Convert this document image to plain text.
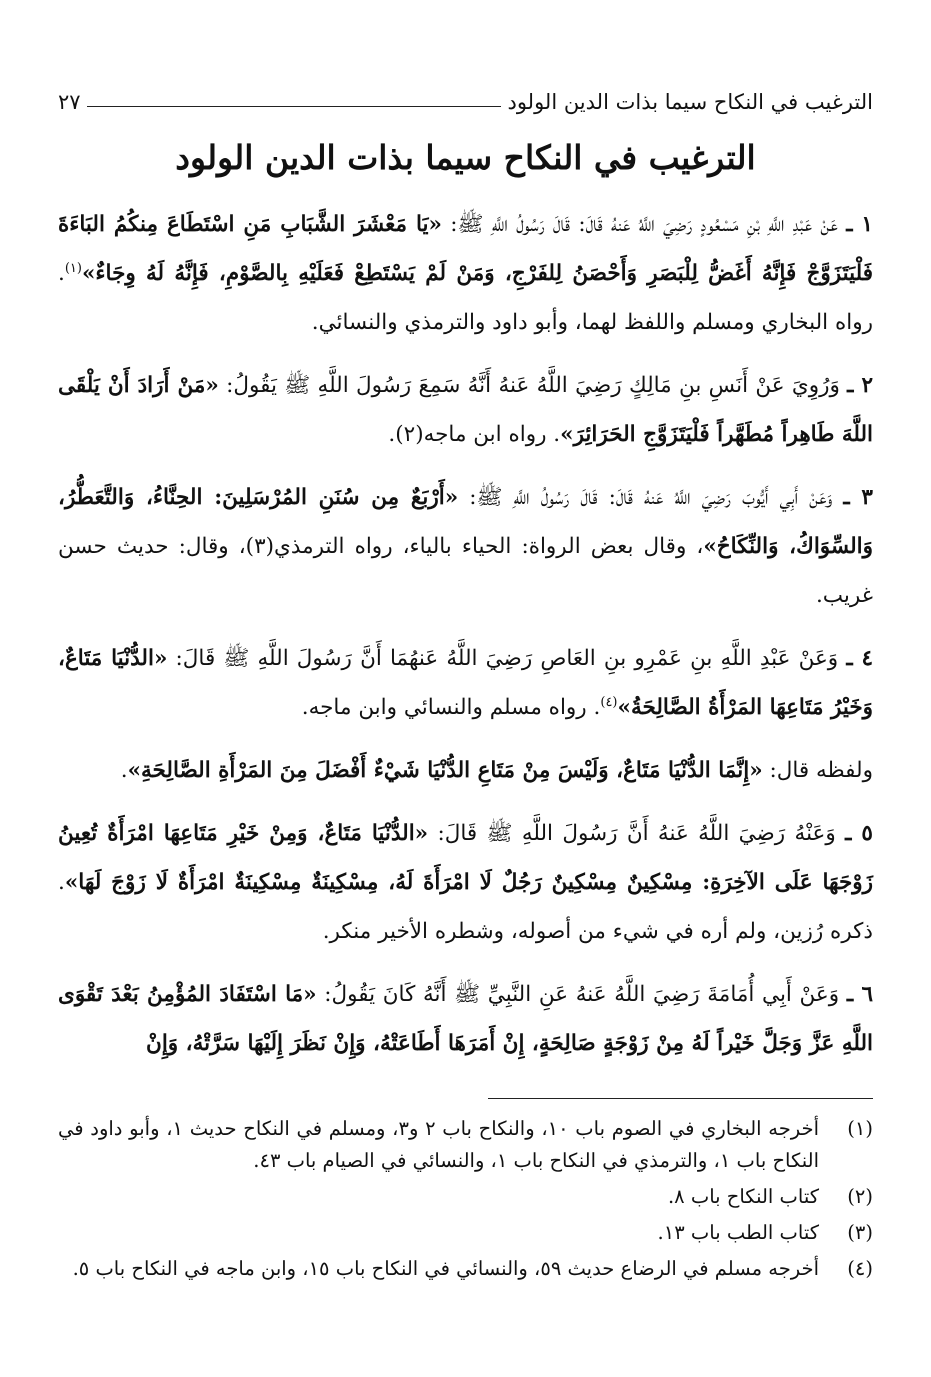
الترغيب في النكاح سيما بذات الدين الولود
٢٧
الترغيب في النكاح سيما بذات الدين الولود

١ ـ عَنْ عَبْدِ اللَّهِ بْنِ مَسْعُودٍ رَضِيَ اللَّهُ عَنهُ قَالَ: قَالَ رَسُولُ اللَّهِ ﷺ: «يَا مَعْشَرَ الشَّبَابِ مَنِ اسْتَطَاعَ مِنكُمُ البَاءَةَ فَلْيَتَزَوَّجْ فَإِنَّهُ أَغَضُّ لِلْبَصَرِ وَأَحْصَنُ لِلفَرْجِ، وَمَنْ لَمْ يَسْتَطِعْ فَعَلَيْهِ بِالصَّوْمِ، فَإِنَّهُ لَهُ وِجَاءٌ»$^{(١)}$. رواه البخاري ومسلم واللفظ لهما، وأبو داود والترمذي والنسائي.

٢ ـ وَرُوِيَ عَنْ أَنَسِ بنِ مَالِكٍ رَضِيَ اللَّهُ عَنهُ أَنَّهُ سَمِعَ رَسُولَ اللَّهِ ﷺ يَقُولُ: «مَنْ أَرَادَ أَنْ يَلْقَى اللَّهَ طَاهِراً مُطَهَّراً فَلْيَتَزَوَّجِ الحَرَائِرَ». رواه ابن ماجه(٢).

٣ ـ وَعَنْ أَبِي أَيُّوبَ رَضِيَ اللَّهُ عَنهُ قَالَ: قَالَ رَسُولُ اللَّهِ ﷺ: «أَرْبَعٌ مِن سُنَنِ المُرْسَلِينَ: الحِنَّاءُ، وَالتَّعَطُّرُ، وَالسِّوَاكُ، وَالنِّكَاحُ»، وقال بعض الرواة: الحياء بالياء، رواه الترمذي(٣)، وقال: حديث حسن غريب.

٤ ـ وَعَنْ عَبْدِ اللَّهِ بنِ عَمْرِو بنِ العَاصِ رَضِيَ اللَّهُ عَنهُمَا أَنَّ رَسُولَ اللَّهِ ﷺ قَالَ: «الدُّنْيَا مَتَاعٌ، وَخَيْرُ مَتَاعِهَا المَرْأَةُ الصَّالِحَةُ»$^{(٤)}$. رواه مسلم والنسائي وابن ماجه.

ولفظه قال: «إِنَّمَا الدُّنْيَا مَتَاعٌ، وَلَيْسَ مِنْ مَتَاعِ الدُّنْيَا شَيْءٌ أَفْضَلَ مِنَ المَرْأَةِ الصَّالِحَةِ».

٥ ـ وَعَنْهُ رَضِيَ اللَّهُ عَنهُ أَنَّ رَسُولَ اللَّهِ ﷺ قَالَ: «الدُّنْيَا مَتَاعٌ، وَمِنْ خَيْرِ مَتَاعِهَا امْرَأَةٌ تُعِينُ زَوْجَهَا عَلَى الآخِرَةِ: مِسْكِينٌ مِسْكِينٌ رَجُلٌ لَا امْرَأَةَ لَهُ، مِسْكِينَةٌ مِسْكِينَةٌ امْرَأَةٌ لَا زَوْجَ لَهَا». ذكره رُزين، ولم أره في شيء من أصوله، وشطره الأخير منكر.

٦ ـ وَعَنْ أَبِي أُمَامَةَ رَضِيَ اللَّهُ عَنهُ عَنِ النَّبِيِّ ﷺ أَنَّهُ كَانَ يَقُولُ: «مَا اسْتَفَادَ المُؤْمِنُ بَعْدَ تَقْوَى اللَّهِ عَزَّ وَجَلَّ خَيْراً لَهُ مِنْ زَوْجَةٍ صَالِحَةٍ، إِنْ أَمَرَهَا أَطَاعَتْهُ، وَإِنْ نَظَرَ إِلَيْهَا سَرَّتْهُ، وَإِنْ

(١)
أخرجه البخاري في الصوم باب ١٠، والنكاح باب ٢ و٣، ومسلم في النكاح حديث ١، وأبو داود في النكاح باب ١، والترمذي في النكاح باب ١، والنسائي في الصيام باب ٤٣.
(٢)
كتاب النكاح باب ٨.
(٣)
كتاب الطب باب ١٣.
(٤)
أخرجه مسلم في الرضاع حديث ٥٩، والنسائي في النكاح باب ١٥، وابن ماجه في النكاح باب ٥.
